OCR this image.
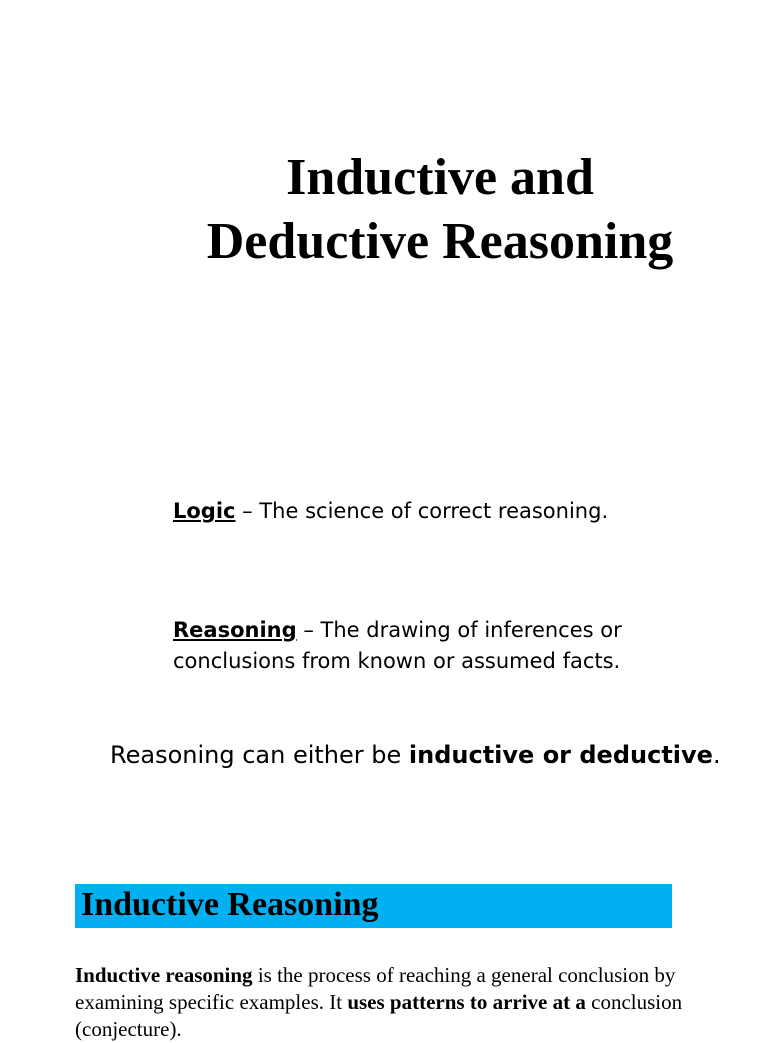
Inductive and
Deductive Reasoning
Logic – The science of correct reasoning.
Reasoning – The drawing of inferences or conclusions from known or assumed facts.
Reasoning can either be inductive or deductive.
Inductive Reasoning
Inductive reasoning is the process of reaching a general conclusion by examining specific examples. It uses patterns to arrive at a conclusion (conjecture).
